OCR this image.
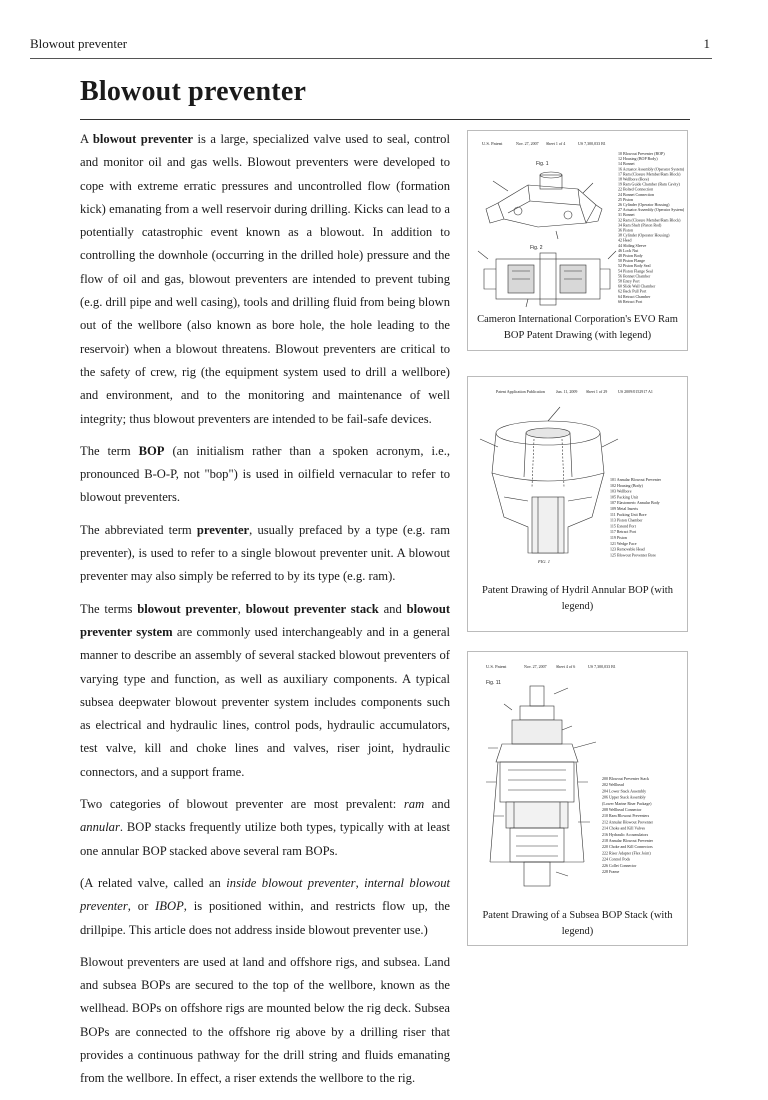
Blowout preventer	1
Blowout preventer

A blowout preventer is a large, specialized valve used to seal, control and monitor oil and gas wells. Blowout preventers were developed to cope with extreme erratic pressures and uncontrolled flow (formation kick) emanating from a well reservoir during drilling. Kicks can lead to a potentially catastrophic event known as a blowout. In addition to controlling the downhole (occurring in the drilled hole) pressure and the flow of oil and gas, blowout preventers are intended to prevent tubing (e.g. drill pipe and well casing), tools and drilling fluid from being blown out of the wellbore (also known as bore hole, the hole leading to the reservoir) when a blowout threatens. Blowout preventers are critical to the safety of crew, rig (the equipment system used to drill a wellbore) and environment, and to the monitoring and maintenance of well integrity; thus blowout preventers are intended to be fail-safe devices.

The term BOP (an initialism rather than a spoken acronym, i.e., pronounced B-O-P, not "bop") is used in oilfield vernacular to refer to blowout preventers.

The abbreviated term preventer, usually prefaced by a type (e.g. ram preventer), is used to refer to a single blowout preventer unit. A blowout preventer may also simply be referred to by its type (e.g. ram).

The terms blowout preventer, blowout preventer stack and blowout preventer system are commonly used interchangeably and in a general manner to describe an assembly of several stacked blowout preventers of varying type and function, as well as auxiliary components. A typical subsea deepwater blowout preventer system includes components such as electrical and hydraulic lines, control pods, hydraulic accumulators, test valve, kill and choke lines and valves, riser joint, hydraulic connectors, and a support frame.

Two categories of blowout preventer are most prevalent: ram and annular. BOP stacks frequently utilize both types, typically with at least one annular BOP stacked above several ram BOPs.

(A related valve, called an inside blowout preventer, internal blowout preventer, or IBOP, is positioned within, and restricts flow up, the drillpipe. This article does not address inside blowout preventer use.)

Blowout preventers are used at land and offshore rigs, and subsea. Land and subsea BOPs are secured to the top of the wellbore, known as the wellhead. BOPs on offshore rigs are mounted below the rig deck. Subsea BOPs are connected to the offshore rig above by a drilling riser that provides a continuous pathway for the drill string and fluids emanating from the wellbore. In effect, a riser extends the wellbore to the rig.

U.S. Patent	Nov. 27, 2007 Sheet 1 of 4	US 7,300,033 B1
Fig. 1
Fig. 2
10 Blowout Preventer (BOP)
12 Housing (BOP Body)
14 Bonnet
16 Actuator Assembly (Operator System)
17 Ram (Closure Member/Ram Block)
18 Wellbore (Bore)
19 Ram Guide Chamber (Ram Cavity)
22 Bolted Connection
24 Bonnet Connection
25 Piston
26 Cylinder (Operator Housing)
27 Actuator Assembly (Operator System)
31 Bonnet
32 Ram (Closure Member/Ram Block)
34 Ram Shaft (Piston Rod)
36 Piston
38 Cylinder (Operator Housing)
42 Head
44 Sliding Sleeve
46 Lock Nut
48 Piston Body
50 Piston Flange
52 Piston Body Seal
54 Piston Flange Seal
56 Bonnet Chamber
58 Entry Port
60 Slide Wall Chamber
62 Back Pull Port
64 Retract Chamber
66 Retract Port
Cameron International Corporation's EVO Ram BOP Patent Drawing (with legend)
Patent Application Publication	Jun. 11, 2009 Sheet 1 of 29	US 2009/0152917 A1
FIG. 1
101 Annular Blowout Preventer
102 Housing (Body)
103 Wellbore
105 Packing Unit
107 Elastomeric Annular Body
109 Metal Inserts
111 Packing Unit Bore
113 Piston Chamber
115 Extend Port
117 Retract Port
119 Piston
121 Wedge Face
123 Removable Head
125 Blowout Preventer Bore
Patent Drawing of Hydril Annular BOP (with legend)
U.S. Patent	Nov. 27, 2007 Sheet 4 of 6	US 7,300,033 B1
Fig. 11
200 Blowout Preventer Stack
202 Wellhead
204 Lower Stack Assembly
206 Upper Stack Assembly
(Lower Marine Riser Package)
208 Wellhead Connector
210 Ram Blowout Preventers
212 Annular Blowout Preventer
214 Choke and Kill Valves
216 Hydraulic Accumulators
218 Annular Blowout Preventer
220 Choke and Kill Connectors
222 Riser Adapter (Flex Joint)
224 Control Pods
226 Collet Connector
228 Frame
Patent Drawing of a Subsea BOP Stack (with legend)
